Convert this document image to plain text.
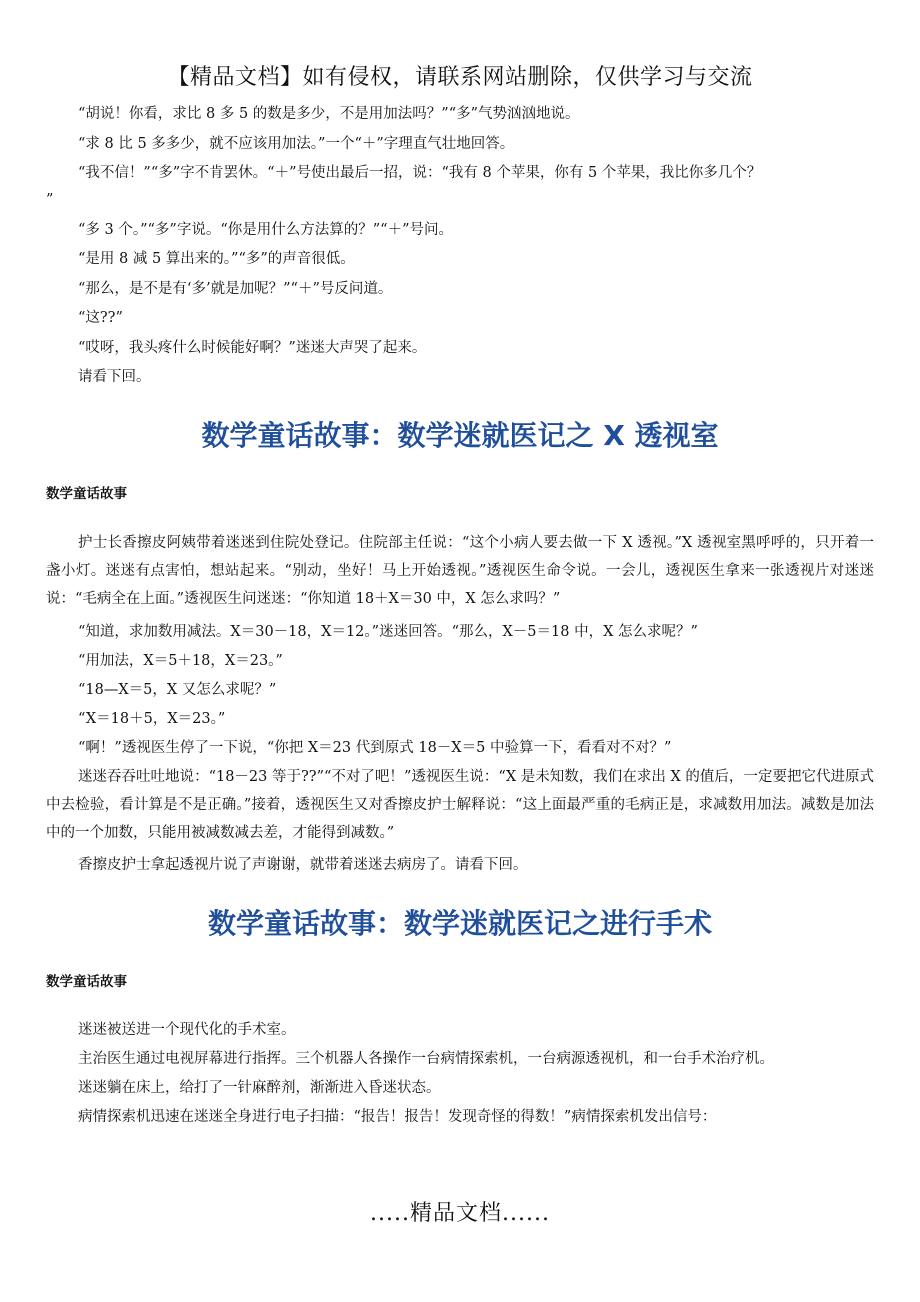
【精品文档】如有侵权，请联系网站删除，仅供学习与交流
“胡说！你看，求比 8 多 5 的数是多少，不是用加法吗？”“多”气势汹汹地说。
“求 8 比 5 多多少，就不应该用加法。”一个“＋”字理直气壮地回答。
“我不信！”“多”字不肯罢休。“＋”号使出最后一招，说：“我有 8 个苹果，你有 5 个苹果，我比你多几个？
”
“多 3 个。”“多”字说。“你是用什么方法算的？”“＋”号问。
“是用 8 减 5 算出来的。”“多”的声音很低。
“那么，是不是有‘多’就是加呢？”“＋”号反问道。
“这??”
“哎呀，我头疼什么时候能好啊？”迷迷大声哭了起来。
请看下回。
数学童话故事：数学迷就医记之 X 透视室
数学童话故事
护士长香擦皮阿姨带着迷迷到住院处登记。住院部主任说：“这个小病人要去做一下 X 透视。”X 透视室黑呼呼的，只开着一盏小灯。迷迷有点害怕，想站起来。“别动，坐好！马上开始透视。”透视医生命令说。一会儿，透视医生拿来一张透视片对迷迷说：“毛病全在上面。”透视医生问迷迷：“你知道 18＋X＝30 中，X 怎么求吗？”
“知道，求加数用减法。X＝30－18，X＝12。”迷迷回答。“那么，X－5＝18 中，X 怎么求呢？”
“用加法，X＝5＋18，X＝23。”
“18—X＝5，X 又怎么求呢？”
“X＝18＋5，X＝23。”
“啊！”透视医生停了一下说，“你把 X＝23 代到原式 18－X＝5 中验算一下，看看对不对？”
迷迷吞吞吐吐地说：“18－23 等于??”“不对了吧！”透视医生说：“X 是未知数，我们在求出 X 的值后，一定要把它代进原式中去检验，看计算是不是正确。”接着，透视医生又对香擦皮护士解释说：“这上面最严重的毛病正是，求减数用加法。减数是加法中的一个加数，只能用被减数减去差，才能得到减数。”
香擦皮护士拿起透视片说了声谢谢，就带着迷迷去病房了。请看下回。
数学童话故事：数学迷就医记之进行手术
数学童话故事
迷迷被送进一个现代化的手术室。
主治医生通过电视屏幕进行指挥。三个机器人各操作一台病情探索机，一台病源透视机，和一台手术治疗机。
迷迷躺在床上，给打了一针麻醉剂，渐渐进入昏迷状态。
病情探索机迅速在迷迷全身进行电子扫描：“报告！报告！发现奇怪的得数！”病情探索机发出信号：
.....精品文档......
